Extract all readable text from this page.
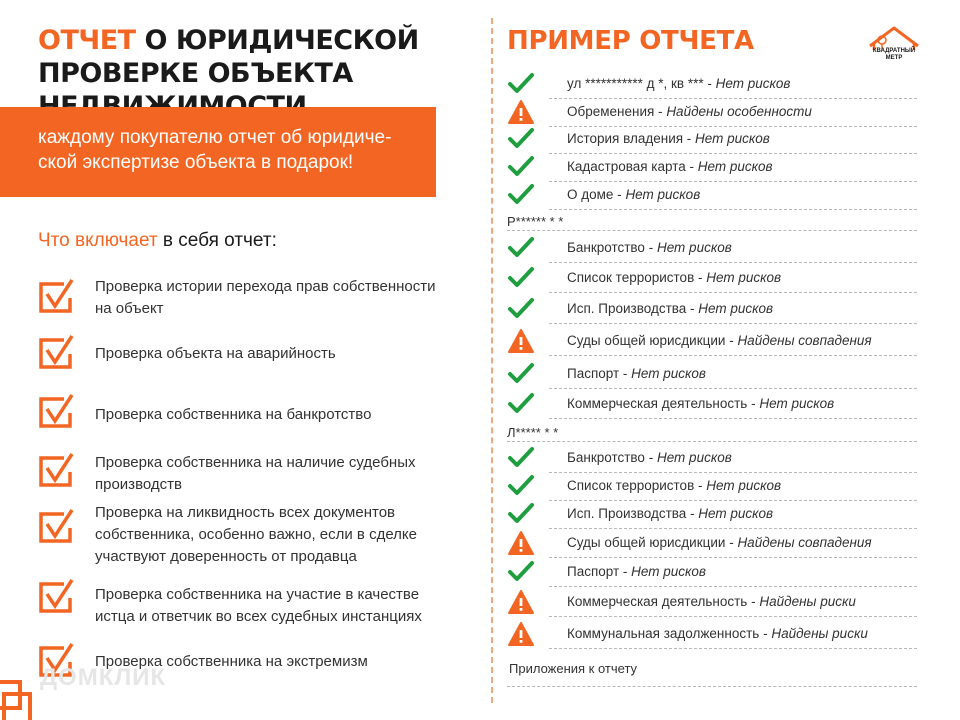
ОТЧЕТ О ЮРИДИЧЕСКОЙ ПРОВЕРКЕ ОБЪЕКТА
каждому покупателю отчет об юридиче-
ской экспертизе объекта в подарок!
Что включает в себя отчет:
Проверка истории перехода прав собственности на объект
Проверка объекта на аварийность
Проверка собственника на банкротство
Проверка собственника на наличие судебных производств
Проверка на ликвидность всех документов собственника, особенно важно, если в сделке участвуют доверенность от продавца
Проверка собственника на участие в качестве истца и ответчик во всех судебных инстанциях
Проверка собственника на экстремизм
ПРИМЕР ОТЧЕТА	КВАДРАТНЫЙ
МЕТР
ул *********** д *, кв *** - Нет рисков
Обременения - Найдены особенности
История владения - Нет рисков
Кадастровая карта - Нет рисков
О доме - Нет рисков
Банкротство - Нет рисков
Список террористов - Нет рисков
Исп. Производства - Нет рисков
Суды общей юрисдикции - Найдены совпадения
Паспорт - Нет рисков
Коммерческая деятельность - Нет рисков
Банкротство - Нет рисков
Список террористов - Нет рисков
Исп. Производства - Нет рисков
Суды общей юрисдикции - Найдены совпадения
Паспорт - Нет рисков
Коммерческая деятельность - Найдены риски
Коммунальная задолженность - Найдены риски
Р****** * *
Л***** * *
Приложения к отчету
ДОМКЛИК
